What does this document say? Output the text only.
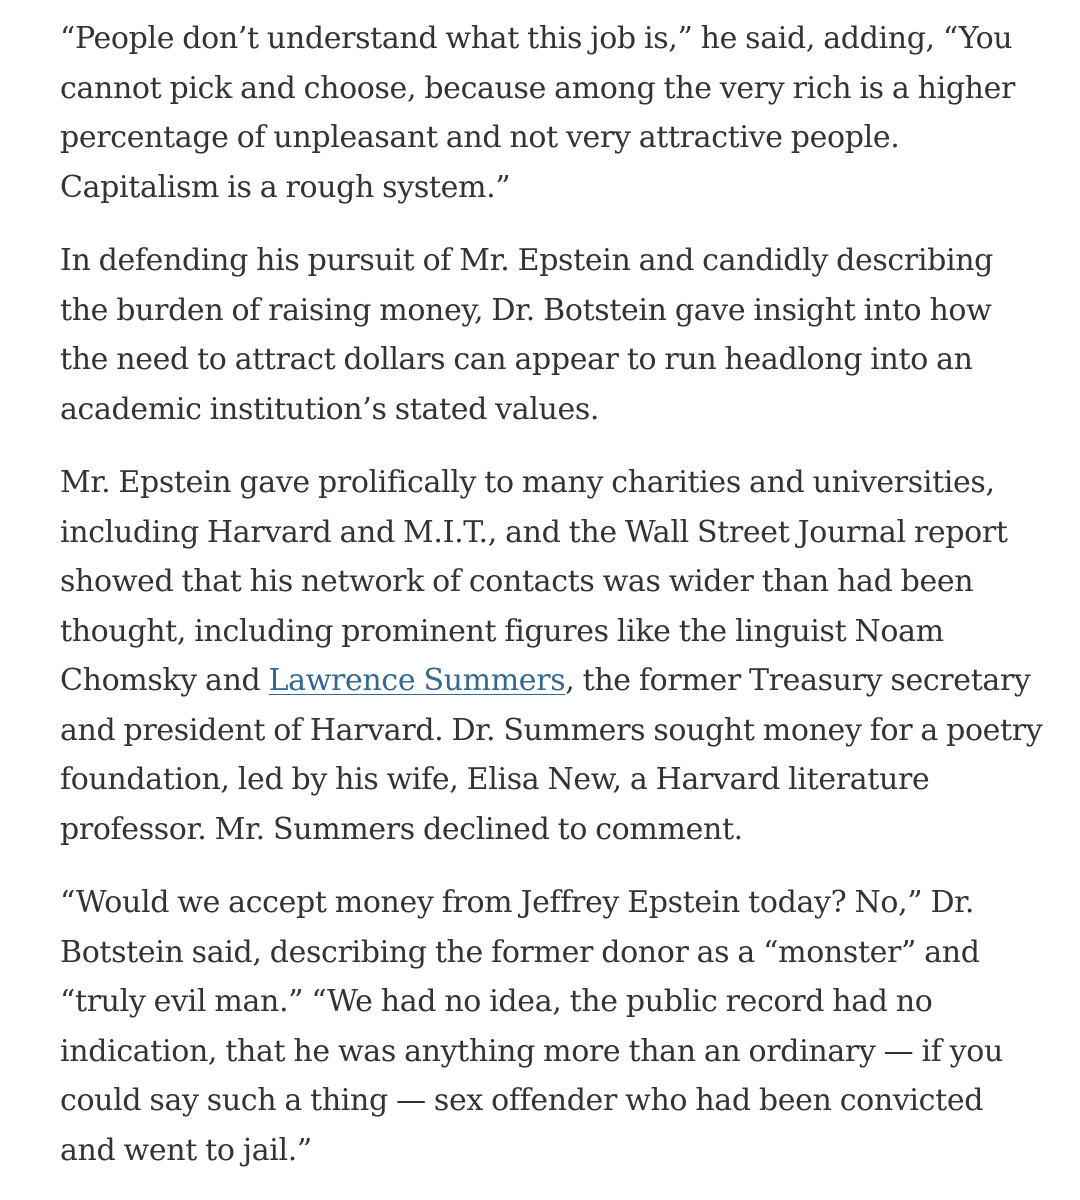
“People don’t understand what this job is,” he said, adding, “You cannot pick and choose, because among the very rich is a higher percentage of unpleasant and not very attractive people. Capitalism is a rough system.”

In defending his pursuit of Mr. Epstein and candidly describing the burden of raising money, Dr. Botstein gave insight into how the need to attract dollars can appear to run headlong into an academic institution’s stated values.

Mr. Epstein gave prolifically to many charities and universities, including Harvard and M.I.T., and the Wall Street Journal report showed that his network of contacts was wider than had been thought, including prominent figures like the linguist Noam Chomsky and Lawrence Summers, the former Treasury secretary and president of Harvard. Dr. Summers sought money for a poetry foundation, led by his wife, Elisa New, a Harvard literature professor. Mr. Summers declined to comment.

“Would we accept money from Jeffrey Epstein today? No,” Dr. Botstein said, describing the former donor as a “monster” and “truly evil man.” “We had no idea, the public record had no indication, that he was anything more than an ordinary — if you could say such a thing — sex offender who had been convicted and went to jail.”
